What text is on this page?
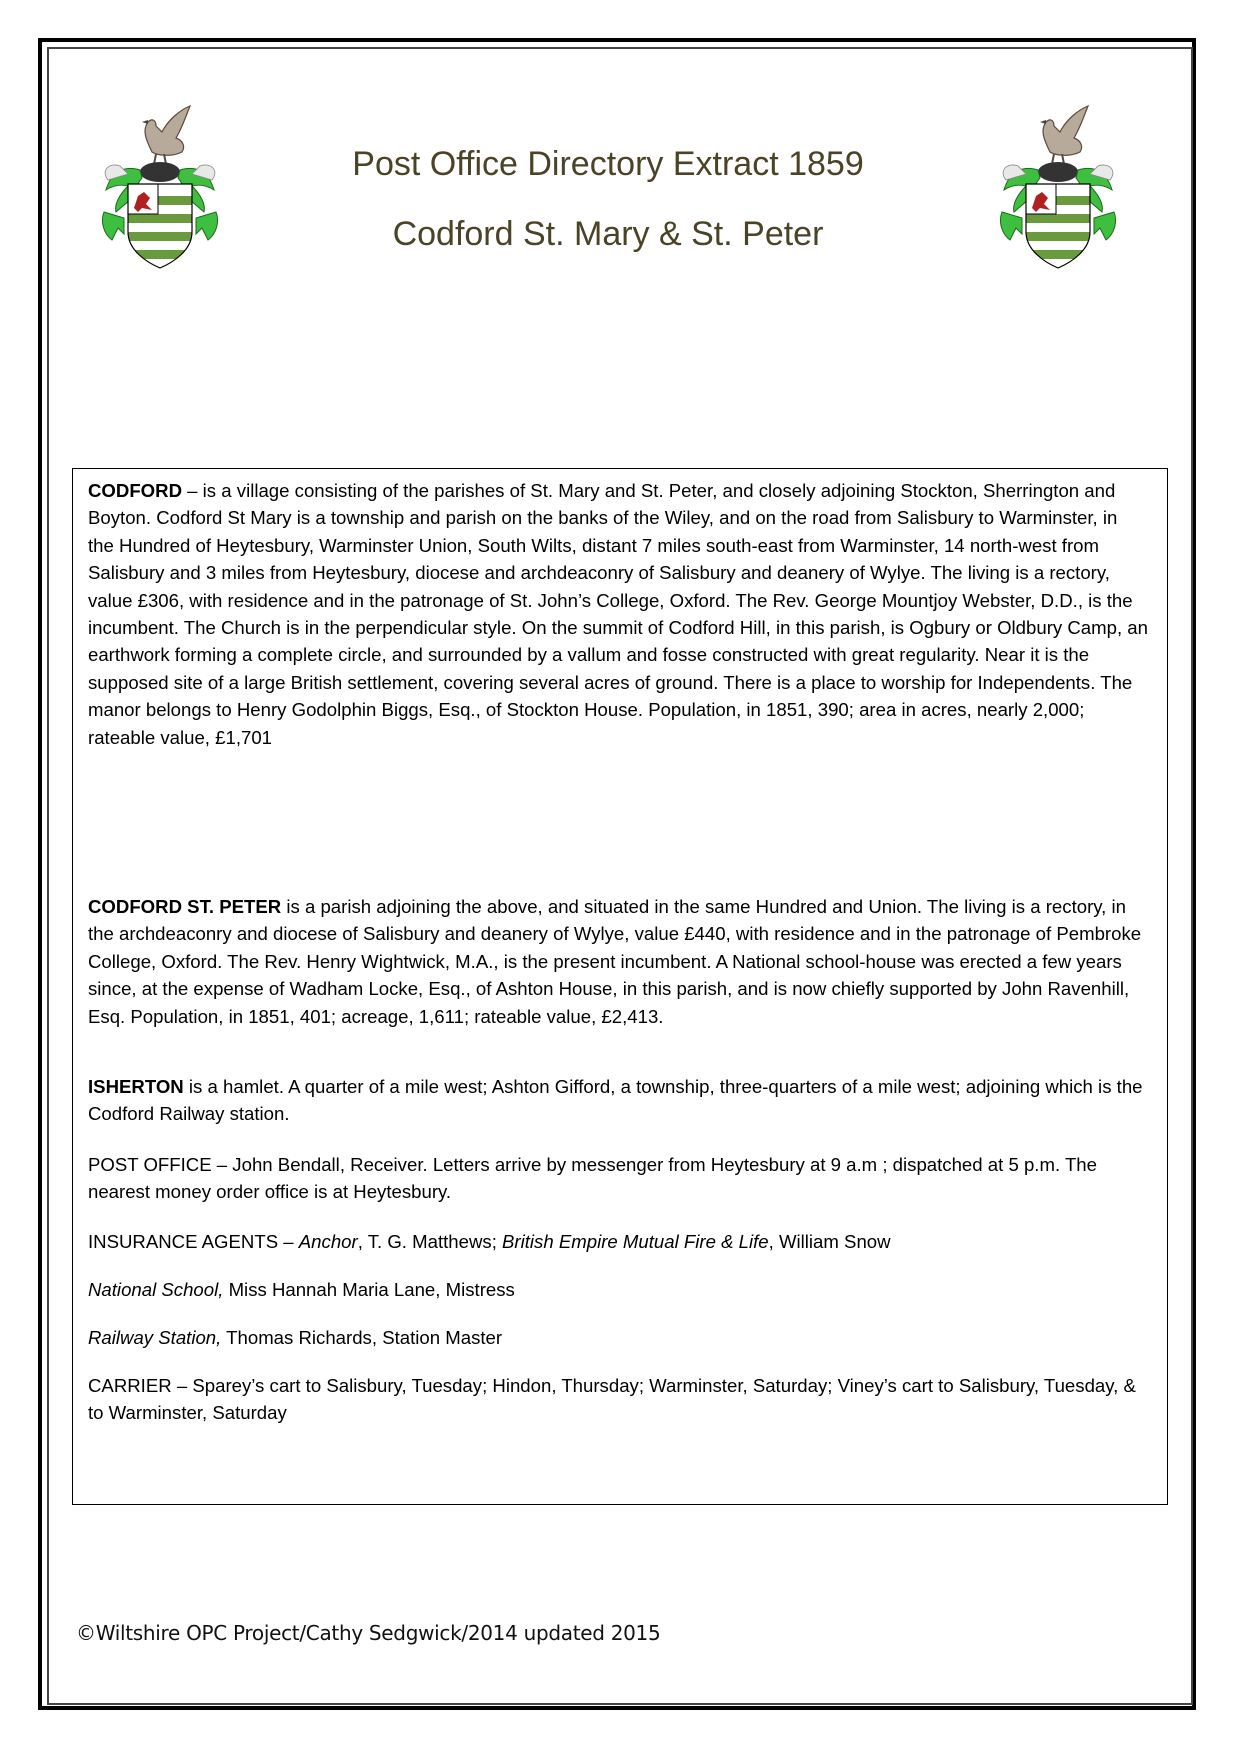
Post Office Directory Extract 1859
Codford St. Mary & St. Peter

CODFORD – is a village consisting of the parishes of St. Mary and St. Peter, and closely adjoining Stockton, Sherrington and Boyton. Codford St Mary is a township and parish on the banks of the Wiley, and on the road from Salisbury to Warminster, in the Hundred of Heytesbury, Warminster Union, South Wilts, distant 7 miles south-east from Warminster, 14 north-west from Salisbury and 3 miles from Heytesbury, diocese and archdeaconry of Salisbury and deanery of Wylye. The living is a rectory, value £306, with residence and in the patronage of St. John’s College, Oxford. The Rev. George Mountjoy Webster, D.D., is the incumbent. The Church is in the perpendicular style. On the summit of Codford Hill, in this parish, is Ogbury or Oldbury Camp, an earthwork forming a complete circle, and surrounded by a vallum and fosse constructed with great regularity. Near it is the supposed site of a large British settlement, covering several acres of ground. There is a place to worship for Independents. The manor belongs to Henry Godolphin Biggs, Esq., of Stockton House. Population, in 1851, 390; area in acres, nearly 2,000; rateable value, £1,701

CODFORD ST. PETER is a parish adjoining the above, and situated in the same Hundred and Union. The living is a rectory, in the archdeaconry and diocese of Salisbury and deanery of Wylye, value £440, with residence and in the patronage of Pembroke College, Oxford. The Rev. Henry Wightwick, M.A., is the present incumbent. A National school-house was erected a few years since, at the expense of Wadham Locke, Esq., of Ashton House, in this parish, and is now chiefly supported by John Ravenhill, Esq. Population, in 1851, 401; acreage, 1,611; rateable value, £2,413.

ISHERTON is a hamlet. A quarter of a mile west; Ashton Gifford, a township, three-quarters of a mile west; adjoining which is the Codford Railway station.

POST OFFICE – John Bendall, Receiver. Letters arrive by messenger from Heytesbury at 9 a.m ; dispatched at 5 p.m. The nearest money order office is at Heytesbury.

INSURANCE AGENTS – Anchor, T. G. Matthews; British Empire Mutual Fire & Life, William Snow

National School, Miss Hannah Maria Lane, Mistress

Railway Station, Thomas Richards, Station Master

CARRIER – Sparey’s cart to Salisbury, Tuesday; Hindon, Thursday; Warminster, Saturday; Viney’s cart to Salisbury, Tuesday, & to Warminster, Saturday

©Wiltshire OPC Project/Cathy Sedgwick/2014 updated 2015
